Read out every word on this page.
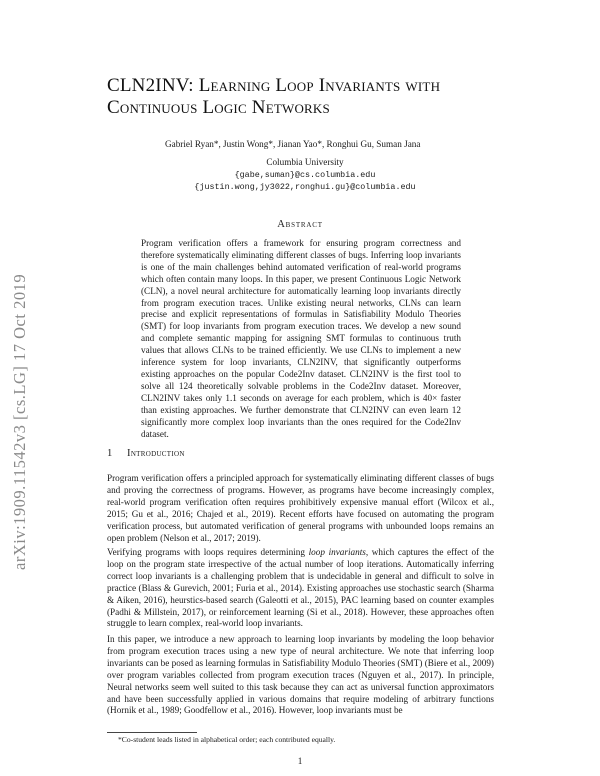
arXiv:1909.11542v3 [cs.LG] 17 Oct 2019
CLN2INV: Learning Loop Invariants with
Continuous Logic Networks
Gabriel Ryan*, Justin Wong*, Jianan Yao*, Ronghui Gu, Suman Jana
Columbia University
{gabe,suman}@cs.columbia.edu
{justin.wong,jy3022,ronghui.gu}@columbia.edu
Abstract

Program verification offers a framework for ensuring program correctness and therefore systematically eliminating different classes of bugs. Inferring loop invariants is one of the main challenges behind automated verification of real-world programs which often contain many loops. In this paper, we present Continuous Logic Network (CLN), a novel neural architecture for automatically learning loop invariants directly from program execution traces. Unlike existing neural networks, CLNs can learn precise and explicit representations of formulas in Satisfiability Modulo Theories (SMT) for loop invariants from program execution traces. We develop a new sound and complete semantic mapping for assigning SMT formulas to continuous truth values that allows CLNs to be trained efficiently. We use CLNs to implement a new inference system for loop invariants, CLN2INV, that significantly outperforms existing approaches on the popular Code2Inv dataset. CLN2INV is the first tool to solve all 124 theoretically solvable problems in the Code2Inv dataset. Moreover, CLN2INV takes only 1.1 seconds on average for each problem, which is 40× faster than existing approaches. We further demonstrate that CLN2INV can even learn 12 significantly more complex loop invariants than the ones required for the Code2Inv dataset.

1 Introduction

Program verification offers a principled approach for systematically eliminating different classes of bugs and proving the correctness of programs. However, as programs have become increasingly complex, real-world program verification often requires prohibitively expensive manual effort (Wilcox et al., 2015; Gu et al., 2016; Chajed et al., 2019). Recent efforts have focused on automating the program verification process, but automated verification of general programs with unbounded loops remains an open problem (Nelson et al., 2017; 2019).

Verifying programs with loops requires determining loop invariants, which captures the effect of the loop on the program state irrespective of the actual number of loop iterations. Automatically inferring correct loop invariants is a challenging problem that is undecidable in general and difficult to solve in practice (Blass & Gurevich, 2001; Furia et al., 2014). Existing approaches use stochastic search (Sharma & Aiken, 2016), heurstics-based search (Galeotti et al., 2015), PAC learning based on counter examples (Padhi & Millstein, 2017), or reinforcement learning (Si et al., 2018). However, these approaches often struggle to learn complex, real-world loop invariants.

In this paper, we introduce a new approach to learning loop invariants by modeling the loop behavior from program execution traces using a new type of neural architecture. We note that inferring loop invariants can be posed as learning formulas in Satisfiability Modulo Theories (SMT) (Biere et al., 2009) over program variables collected from program execution traces (Nguyen et al., 2017). In principle, Neural networks seem well suited to this task because they can act as universal function approximators and have been successfully applied in various domains that require modeling of arbitrary functions (Hornik et al., 1989; Goodfellow et al., 2016). However, loop invariants must be

*Co-student leads listed in alphabetical order; each contributed equally.
1
